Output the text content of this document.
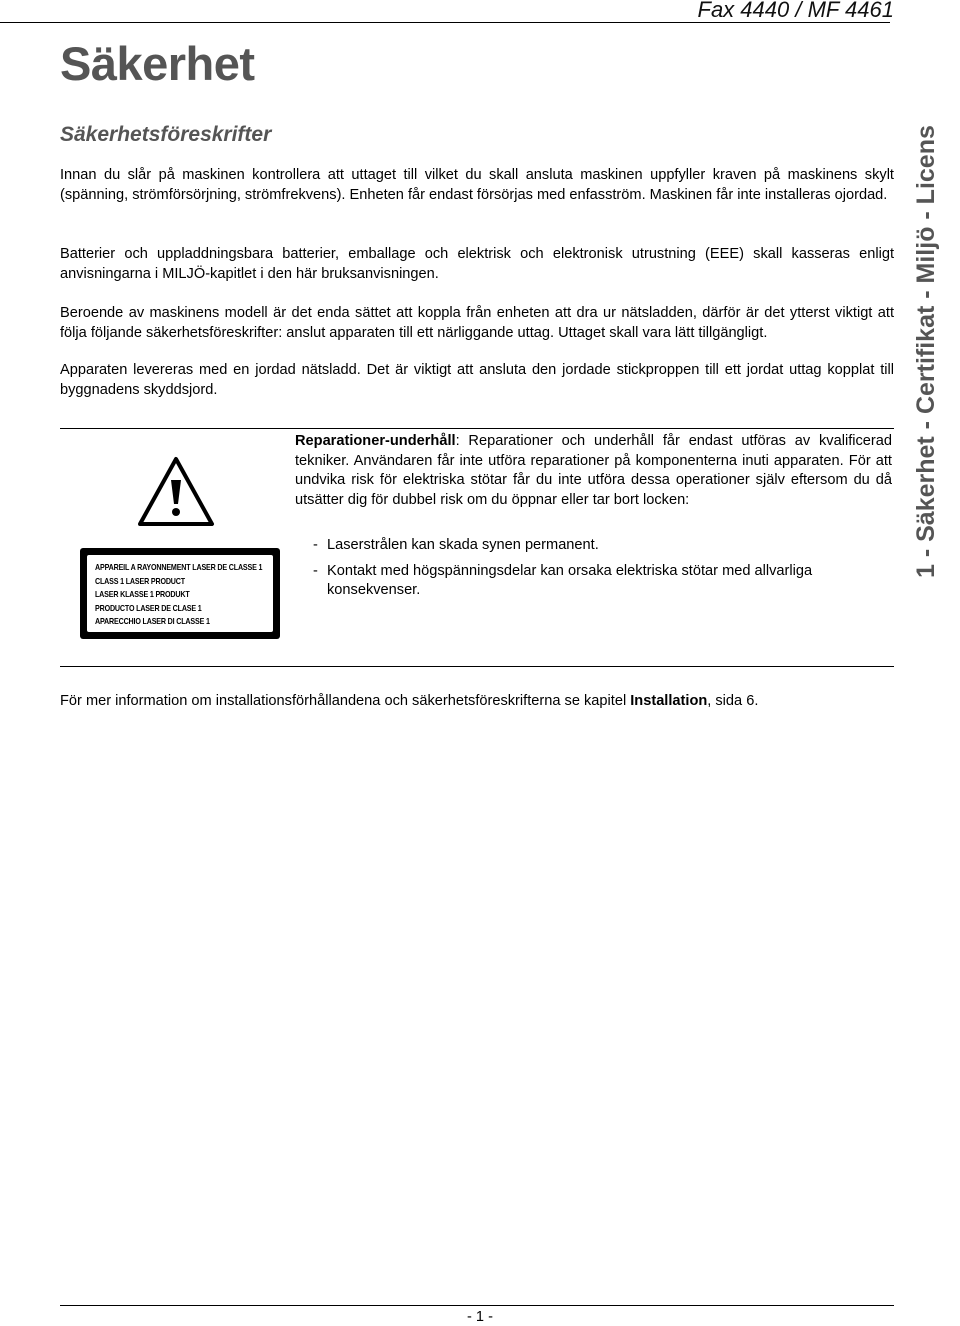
Fax 4440 / MF 4461
Säkerhet
Säkerhetsföreskrifter

Innan du slår på maskinen kontrollera att uttaget till vilket du skall ansluta maskinen uppfyller kraven på maskinens skylt (spänning, strömförsörjning, strömfrekvens). Enheten får endast försörjas med enfasström. Maskinen får inte installeras ojordad.

Batterier och uppladdningsbara batterier, emballage och elektrisk och elektronisk utrustning (EEE) skall kasseras enligt anvisningarna i MILJÖ-kapitlet i den här bruksanvisningen.

Beroende av maskinens modell är det enda sättet att koppla från enheten att dra ur nätsladden, därför är det ytterst viktigt att följa följande säkerhetsföreskrifter: anslut apparaten till ett närliggande uttag. Uttaget skall vara lätt tillgängligt.

Apparaten levereras med en jordad nätsladd. Det är viktigt att ansluta den jordade stickproppen till ett jordat uttag kopplat till byggnadens skyddsjord.

APPAREIL A RAYONNEMENT LASER DE CLASSE 1
CLASS 1 LASER PRODUCT
LASER KLASSE 1 PRODUKT
PRODUCTO LASER DE CLASE 1
APARECCHIO LASER DI CLASSE 1

Reparationer-underhåll: Reparationer och underhåll får endast utföras av kvalificerad tekniker. Användaren får inte utföra reparationer på komponenterna inuti apparaten. För att undvika risk för elektriska stötar får du inte utföra dessa operationer själv eftersom du då utsätter dig för dubbel risk om du öppnar eller tar bort locken:

- Laserstrålen kan skada synen permanent.
- Kontakt med högspänningsdelar kan orsaka elektriska stötar med allvarliga konsekvenser.

För mer information om installationsförhållandena och säkerhetsföreskrifterna se kapitel Installation, sida 6.

1 - Säkerhet - Certifikat - Miljö - Licens
- 1 -
